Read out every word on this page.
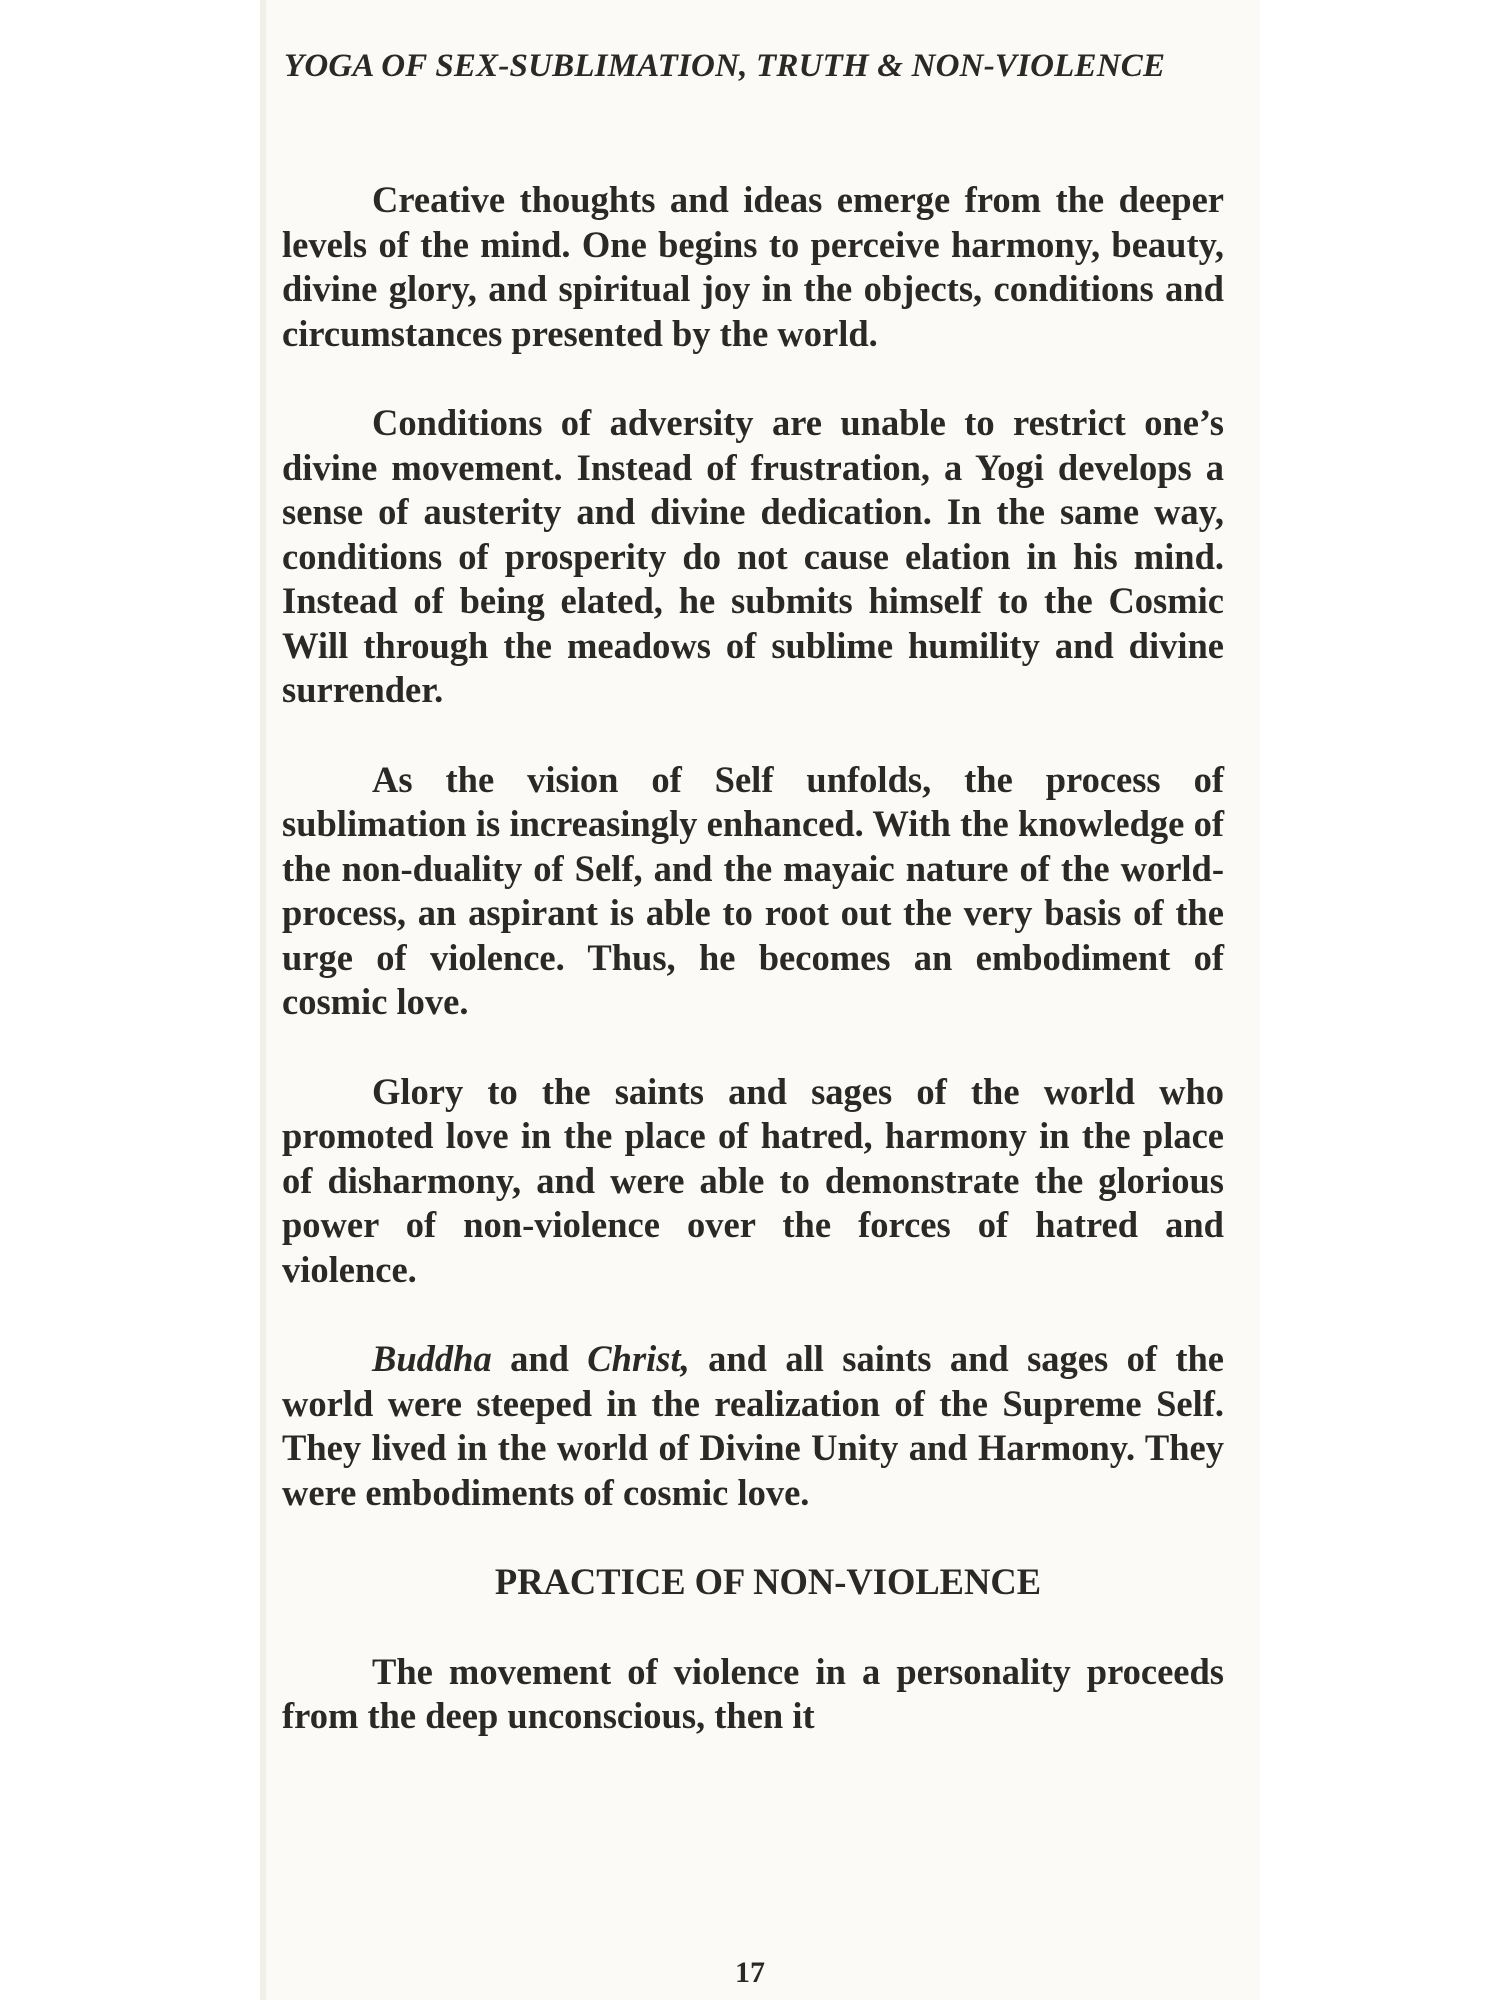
YOGA OF SEX-SUBLIMATION, TRUTH & NON-VIOLENCE

Creative thoughts and ideas emerge from the deeper levels of the mind. One begins to perceive harmony, beauty, divine glory, and spiritual joy in the objects, conditions and circumstances presented by the world.

Conditions of adversity are unable to restrict one’s divine movement. Instead of frustration, a Yogi develops a sense of austerity and divine dedication. In the same way, conditions of prosperity do not cause elation in his mind. Instead of being elated, he submits himself to the Cosmic Will through the meadows of sublime humility and divine surrender.

As the vision of Self unfolds, the process of sublimation is increasingly enhanced. With the knowledge of the non-duality of Self, and the mayaic nature of the world-process, an aspirant is able to root out the very basis of the urge of violence. Thus, he becomes an embodiment of cosmic love.

Glory to the saints and sages of the world who promoted love in the place of hatred, harmony in the place of disharmony, and were able to demonstrate the glorious power of non-violence over the forces of hatred and violence.

Buddha and Christ, and all saints and sages of the world were steeped in the realization of the Supreme Self. They lived in the world of Divine Unity and Harmony. They were embodiments of cosmic love.

PRACTICE OF NON-VIOLENCE

The movement of violence in a personality proceeds from the deep unconscious, then it

17
